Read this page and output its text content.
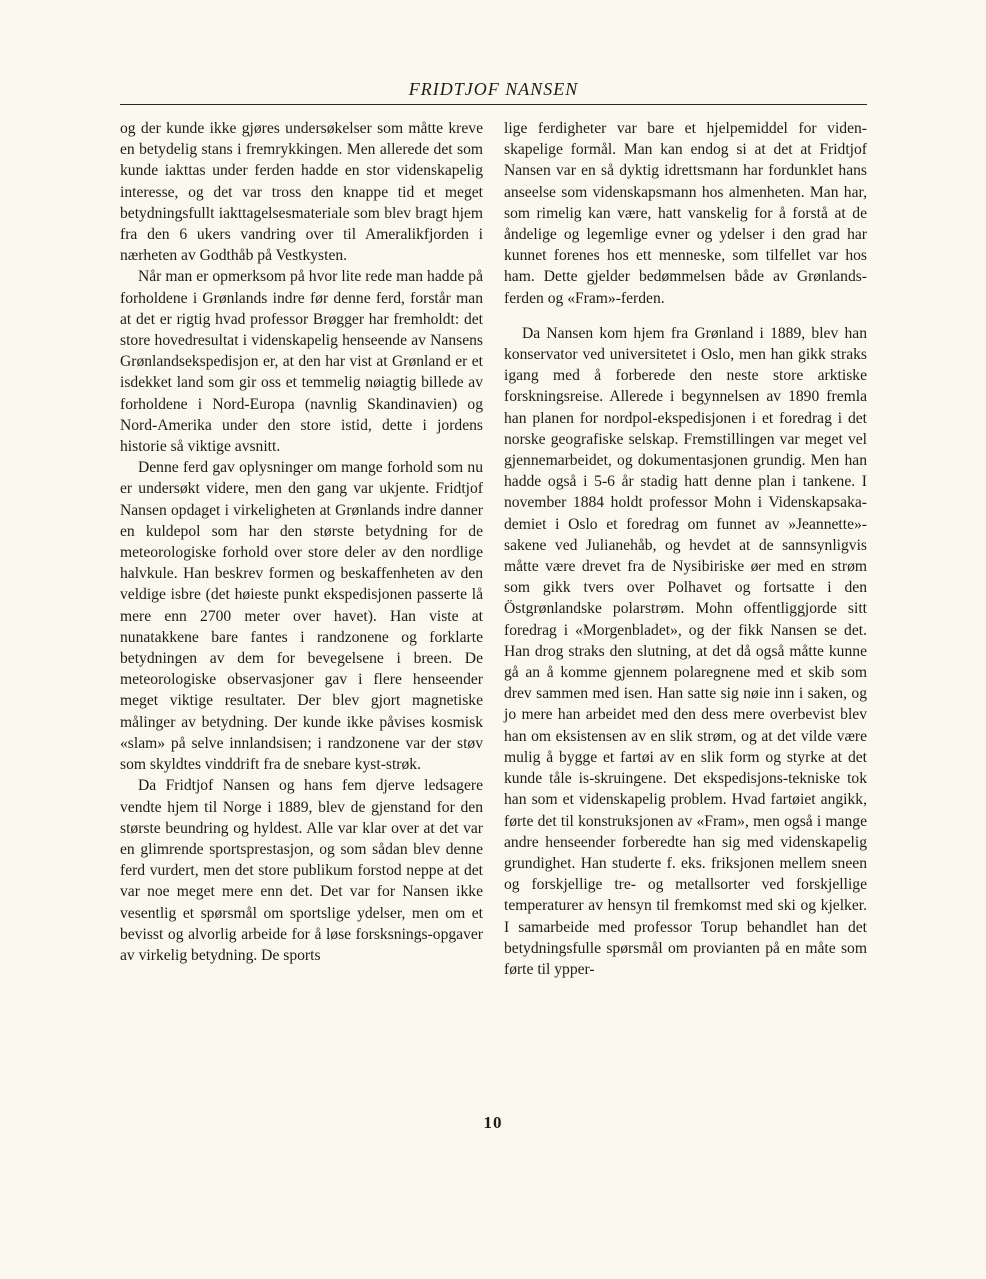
FRIDTJOF NANSEN

og der kunde ikke gjøres undersøkelser som måtte kreve en betydelig stans i fremrykkingen. Men allerede det som kunde iakttas under ferden hadde en stor videnskapelig interesse, og det var tross den knappe tid et meget betydningsfullt iakttagelsesmateriale som blev bragt hjem fra den 6 ukers vandring over til Ameralikfjorden i nærheten av Godthåb på Vestkysten.

Når man er opmerksom på hvor lite rede man hadde på forholdene i Grønlands indre før denne ferd, forstår man at det er rigtig hvad professor Brøgger har fremholdt: det store hovedresultat i videnskapelig henseende av Nansens Grønlandsekspedisjon er, at den har vist at Grønland er et isdekket land som gir oss et temmelig nøiagtig billede av forholdene i Nord-Europa (navnlig Skandinavien) og Nord-Amerika under den store istid, dette i jordens historie så viktige avsnitt.

Denne ferd gav oplysninger om mange forhold som nu er undersøkt videre, men den gang var ukjente. Fridtjof Nansen opdaget i virkeligheten at Grønlands indre danner en kuldepol som har den største betydning for de meteorologiske forhold over store deler av den nordlige halvkule. Han beskrev formen og beskaffenheten av den veldige isbre (det høieste punkt ekspedisjonen passerte lå mere enn 2700 meter over havet). Han viste at nunatakkene bare fantes i randzonene og forklarte betydningen av dem for bevegelsene i breen. De meteorologiske observasjoner gav i flere henseender meget viktige resultater. Der blev gjort magnetiske målinger av betydning. Der kunde ikke påvises kosmisk «slam» på selve innlandsisen; i randzonene var der støv som skyldtes vinddrift fra de snebare kyst-strøk.

Da Fridtjof Nansen og hans fem djerve ledsagere vendte hjem til Norge i 1889, blev de gjenstand for den største beundring og hyldest. Alle var klar over at det var en glimrende sportsprestasjon, og som sådan blev denne ferd vurdert, men det store publikum forstod neppe at det var noe meget mere enn det. Det var for Nansen ikke vesentlig et spørsmål om sportslige ydelser, men om et bevisst og alvorlig arbeide for å løse forsksnings-opgaver av virkelig betydning. De sports

lige ferdigheter var bare et hjelpemiddel for videnskapelige formål. Man kan endog si at det at Fridtjof Nansen var en så dyktig idrettsmann har fordunklet hans anseelse som videnskapsmann hos almenheten. Man har, som rimelig kan være, hatt vanskelig for å forstå at de åndelige og legemlige evner og ydelser i den grad har kunnet forenes hos ett menneske, som tilfellet var hos ham. Dette gjelder bedømmelsen både av Grønlands-ferden og «Fram»-ferden.

Da Nansen kom hjem fra Grønland i 1889, blev han konservator ved universitetet i Oslo, men han gikk straks igang med å forberede den neste store arktiske forskningsreise. Allerede i begynnelsen av 1890 fremla han planen for nordpol-ekspedisjonen i et foredrag i det norske geografiske selskap. Fremstillingen var meget vel gjennemarbeidet, og dokumentasjonen grundig. Men han hadde også i 5-6 år stadig hatt denne plan i tankene. I november 1884 holdt professor Mohn i Videnskapsakademiet i Oslo et foredrag om funnet av »Jeannette»-sakene ved Julianehåb, og hevdet at de sannsynligvis måtte være drevet fra de Nysibiriske øer med en strøm som gikk tvers over Polhavet og fortsatte i den Östgrønlandske polarstrøm. Mohn offentliggjorde sitt foredrag i «Morgenbladet», og der fikk Nansen se det. Han drog straks den slutning, at det då også måtte kunne gå an å komme gjennem polaregnene med et skib som drev sammen med isen. Han satte sig nøie inn i saken, og jo mere han arbeidet med den dess mere overbevist blev han om eksistensen av en slik strøm, og at det vilde være mulig å bygge et fartøi av en slik form og styrke at det kunde tåle is-skruingene. Det ekspedisjons-tekniske tok han som et videnskapelig problem. Hvad fartøiet angikk, førte det til konstruksjonen av «Fram», men også i mange andre henseender forberedte han sig med videnskapelig grundighet. Han studerte f. eks. friksjonen mellem sneen og forskjellige tre- og metallsorter ved forskjellige temperaturer av hensyn til fremkomst med ski og kjelker. I samarbeide med professor Torup behandlet han det betydningsfulle spørsmål om provianten på en måte som førte til ypper-

10
